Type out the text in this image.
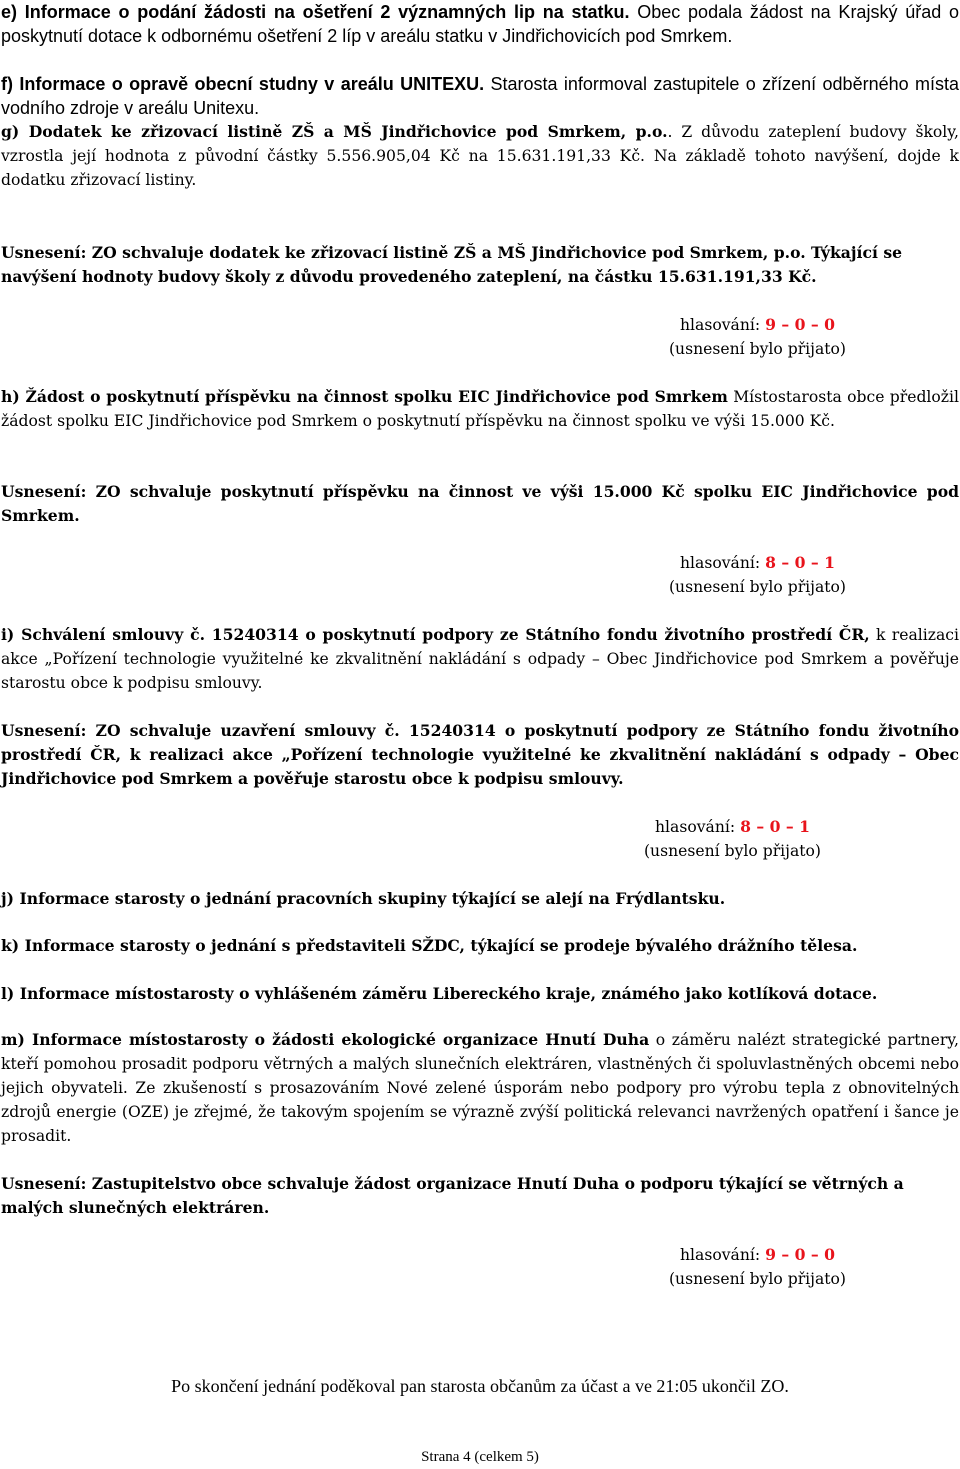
e) Informace o podání žádosti na ošetření 2 významných lip na statku. Obec podala žádost na Krajský úřad o poskytnutí dotace k odbornému ošetření 2 líp v areálu statku v Jindřichovicích pod Smrkem.

f) Informace o opravě obecní studny v areálu UNITEXU. Starosta informoval zastupitele o zřízení odběrného místa vodního zdroje v areálu Unitexu.

g) Dodatek ke zřizovací listině ZŠ a MŠ Jindřichovice pod Smrkem, p.o.. Z důvodu zateplení budovy školy, vzrostla její hodnota z původní částky 5.556.905,04 Kč na 15.631.191,33 Kč. Na základě tohoto navýšení, dojde k dodatku zřizovací listiny.

Usnesení: ZO schvaluje dodatek ke zřizovací listině ZŠ a MŠ Jindřichovice pod Smrkem, p.o. Týkající se navýšení hodnoty budovy školy z důvodu provedeného zateplení, na částku 15.631.191,33 Kč.

hlasování: 9 – 0 – 0
(usnesení bylo přijato)

h) Žádost o poskytnutí příspěvku na činnost spolku EIC Jindřichovice pod Smrkem Místostarosta obce předložil žádost spolku EIC Jindřichovice pod Smrkem o poskytnutí příspěvku na činnost spolku ve výši 15.000 Kč.

Usnesení: ZO schvaluje poskytnutí příspěvku na činnost ve výši 15.000 Kč spolku EIC Jindřichovice pod Smrkem.

hlasování: 8 – 0 – 1
(usnesení bylo přijato)

i) Schválení smlouvy č. 15240314 o poskytnutí podpory ze Státního fondu životního prostředí ČR, k realizaci akce „Pořízení technologie využitelné ke zkvalitnění nakládání s odpady – Obec Jindřichovice pod Smrkem a pověřuje starostu obce k podpisu smlouvy.

Usnesení: ZO schvaluje uzavření smlouvy č. 15240314 o poskytnutí podpory ze Státního fondu životního prostředí ČR, k realizaci akce „Pořízení technologie využitelné ke zkvalitnění nakládání s odpady – Obec Jindřichovice pod Smrkem a pověřuje starostu obce k podpisu smlouvy.

hlasování: 8 – 0 – 1
(usnesení bylo přijato)

j) Informace starosty o jednání pracovních skupiny týkající se alejí na Frýdlantsku.

k) Informace starosty o jednání s představiteli SŽDC, týkající se prodeje bývalého drážního tělesa.

l) Informace místostarosty o vyhlášeném záměru Libereckého kraje, známého jako kotlíková dotace.

m) Informace místostarosty o žádosti ekologické organizace Hnutí Duha o záměru nalézt strategické partnery, kteří pomohou prosadit podporu větrných a malých slunečních elektráren, vlastněných či spoluvlastněných obcemi nebo jejich obyvateli. Ze zkušeností s prosazováním Nové zelené úsporám nebo podpory pro výrobu tepla z obnovitelných zdrojů energie (OZE) je zřejmé, že takovým spojením se výrazně zvýší politická relevanci navržených opatření i šance je prosadit.

Usnesení: Zastupitelstvo obce schvaluje žádost organizace Hnutí Duha o podporu týkající se větrných a malých slunečných elektráren.

hlasování: 9 – 0 – 0
(usnesení bylo přijato)
Po skončení jednání poděkoval pan starosta občanům za účast a ve 21:05 ukončil ZO.
Strana 4 (celkem 5)
